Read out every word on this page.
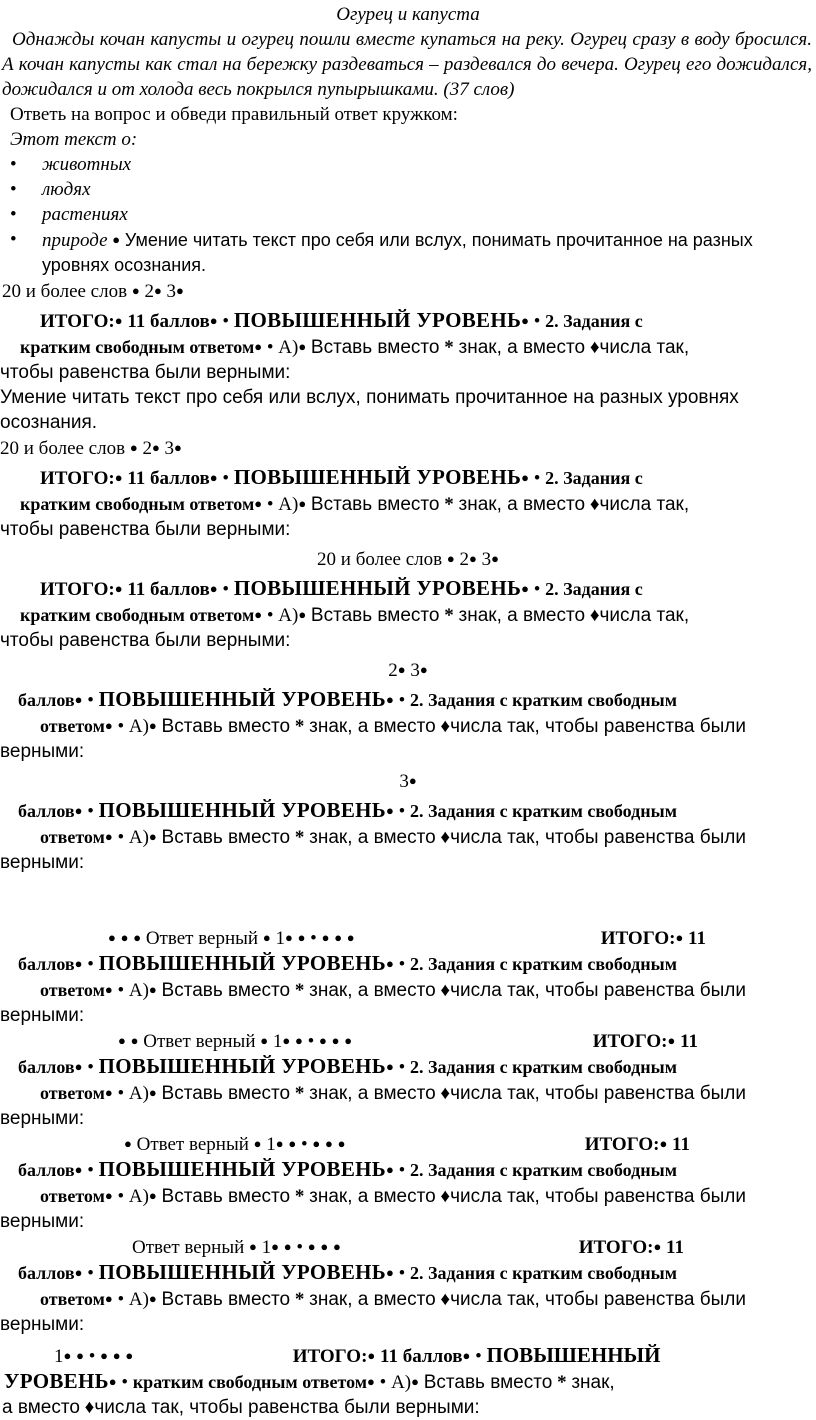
Огурец и капуста
Однажды кочан капусты и огурец пошли вместе купаться на реку. Огурец сразу в воду бросился. А кочан капусты как стал на бережку раздеваться – раздевался до вечера. Огурец его дожидался, дожидался и от холода весь покрылся пупырышками. (37 слов)
Ответь на вопрос и обведи правильный ответ кружком:
Этот текст о:
• животных
• людях
• растениях
• природе ● Умение читать текст про себя или вслух, понимать прочитанное на разных уровнях осознания.
20 и более слов ● 2● 3●
ИТОГО:● 11 баллов● • ПОВЫШЕННЫЙ УРОВЕНЬ● • 2. Задания с
кратким свободным ответом● • А)● Вставь вместо * знак, а вместо ♦числа так,
чтобы равенства были верными:
Умение читать текст про себя или вслух, понимать прочитанное на разных уровнях осознания.
20 и более слов ● 2● 3●
ИТОГО:● 11 баллов● • ПОВЫШЕННЫЙ УРОВЕНЬ● • 2. Задания с
кратким свободным ответом● • А)● Вставь вместо * знак, а вместо ♦числа так,
чтобы равенства были верными:
20 и более слов ● 2● 3●
ИТОГО:● 11 баллов● • ПОВЫШЕННЫЙ УРОВЕНЬ● • 2. Задания с
кратким свободным ответом● • А)● Вставь вместо * знак, а вместо ♦числа так,
чтобы равенства были верными:
2● 3●
баллов● • ПОВЫШЕННЫЙ УРОВЕНЬ● • 2. Задания с кратким свободным
ответом● • А)● Вставь вместо * знак, а вместо ♦числа так, чтобы равенства были
верными:
3●
баллов● • ПОВЫШЕННЫЙ УРОВЕНЬ● • 2. Задания с кратким свободным
ответом● • А)● Вставь вместо * знак, а вместо ♦числа так, чтобы равенства были
верными:
● ● ● Ответ верный ● 1● ● • ● ● ●	ИТОГО:● 11
баллов● • ПОВЫШЕННЫЙ УРОВЕНЬ● • 2. Задания с кратким свободным
ответом● • А)● Вставь вместо * знак, а вместо ♦числа так, чтобы равенства были
верными:
● ● Ответ верный ● 1● ● • ● ● ●	ИТОГО:● 11
баллов● • ПОВЫШЕННЫЙ УРОВЕНЬ● • 2. Задания с кратким свободным
ответом● • А)● Вставь вместо * знак, а вместо ♦числа так, чтобы равенства были
верными:
● Ответ верный ● 1● ● • ● ● ●	ИТОГО:● 11
баллов● • ПОВЫШЕННЫЙ УРОВЕНЬ● • 2. Задания с кратким свободным
ответом● • А)● Вставь вместо * знак, а вместо ♦числа так, чтобы равенства были
верными:
Ответ верный ● 1● ● • ● ● ●	ИТОГО:● 11
баллов● • ПОВЫШЕННЫЙ УРОВЕНЬ● • 2. Задания с кратким свободным
ответом● • А)● Вставь вместо * знак, а вместо ♦числа так, чтобы равенства были
верными:
1● ● • ● ● ●	ИТОГО:● 11 баллов● • ПОВЫШЕННЫЙ
УРОВЕНЬ● • кратким свободным ответом● • А)● Вставь вместо * знак,
а вместо ♦числа так, чтобы равенства были верными:
